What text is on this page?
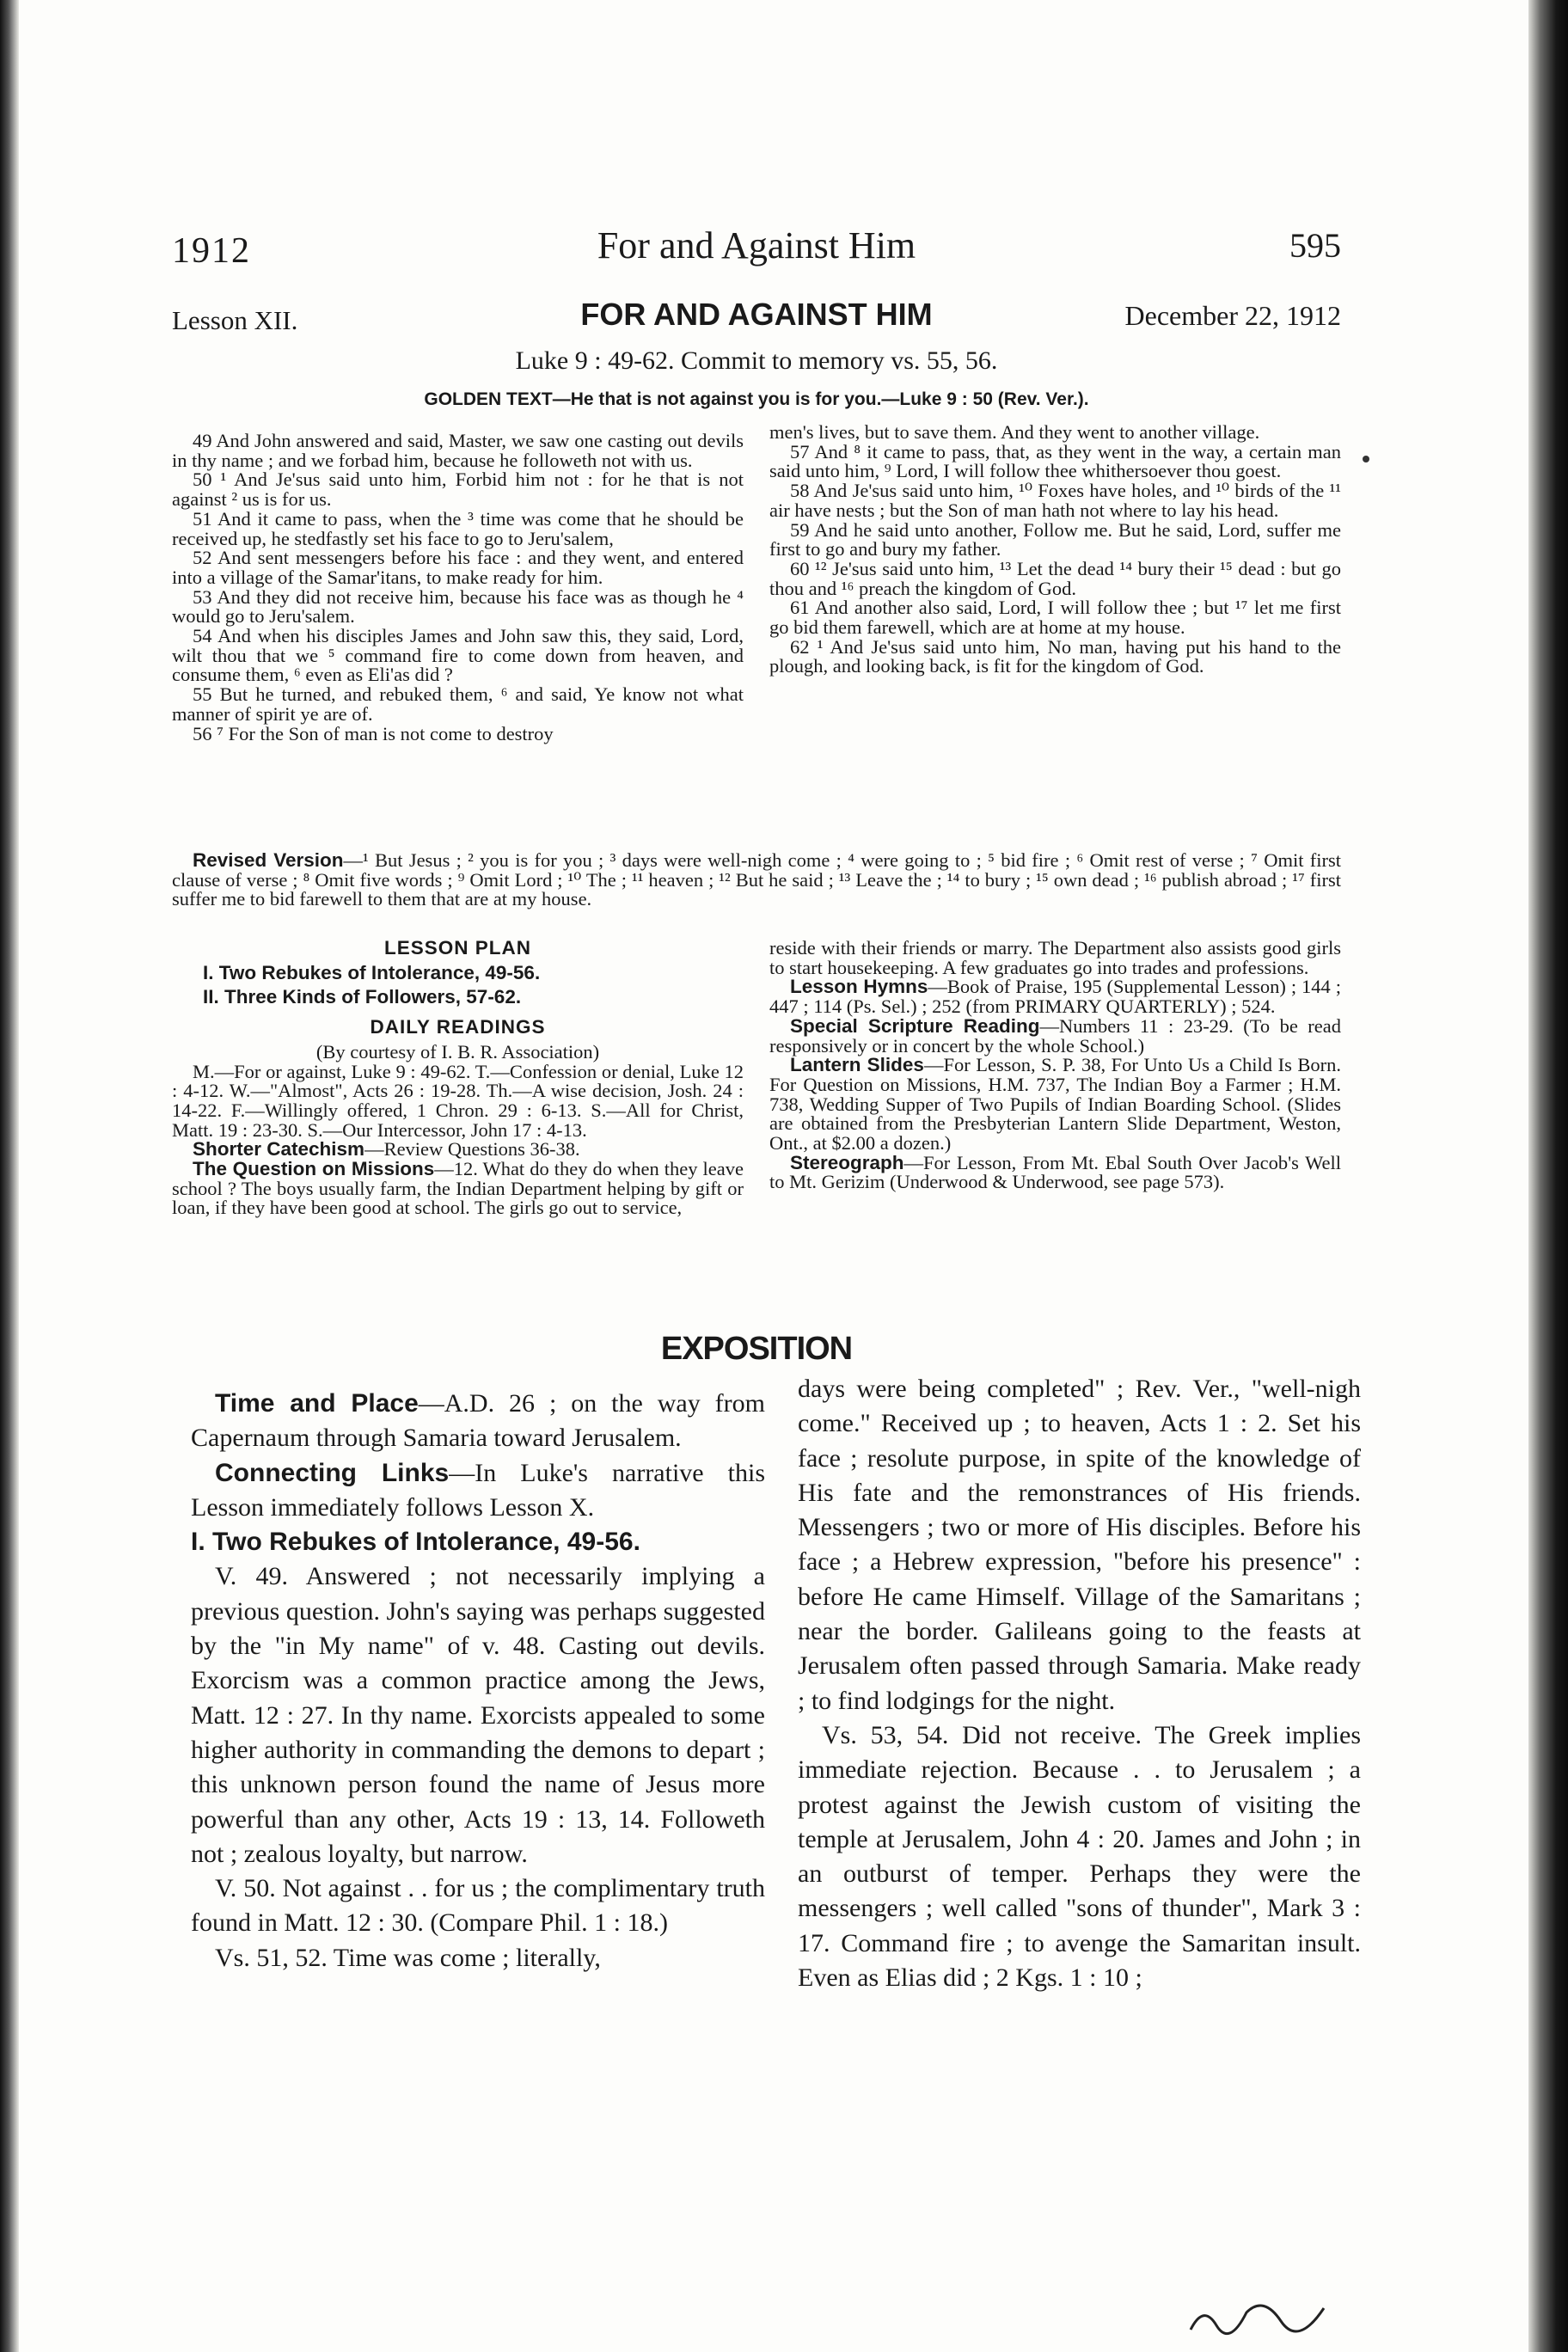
1912	For and Against Him	595
Lesson XII.	FOR AND AGAINST HIM	December 22, 1912
Luke 9 : 49-62. Commit to memory vs. 55, 56.
GOLDEN TEXT—He that is not against you is for you.—Luke 9 : 50 (Rev. Ver.).

49 And John answered and said, Master, we saw one casting out devils in thy name ; and we forbad him, because he followeth not with us.

50 ¹ And Je'sus said unto him, Forbid him not : for he that is not against ² us is for us.

51 And it came to pass, when the ³ time was come that he should be received up, he stedfastly set his face to go to Jeru'salem,

52 And sent messengers before his face : and they went, and entered into a village of the Samar'itans, to make ready for him.

53 And they did not receive him, because his face was as though he ⁴ would go to Jeru'salem.

54 And when his disciples James and John saw this, they said, Lord, wilt thou that we ⁵ command fire to come down from heaven, and consume them, ⁶ even as Eli'as did ?

55 But he turned, and rebuked them, ⁶ and said, Ye know not what manner of spirit ye are of.

56 ⁷ For the Son of man is not come to destroy

men's lives, but to save them. And they went to another village.

57 And ⁸ it came to pass, that, as they went in the way, a certain man said unto him, ⁹ Lord, I will follow thee whithersoever thou goest.

58 And Je'sus said unto him, ¹⁰ Foxes have holes, and ¹⁰ birds of the ¹¹ air have nests ; but the Son of man hath not where to lay his head.

59 And he said unto another, Follow me. But he said, Lord, suffer me first to go and bury my father.

60 ¹² Je'sus said unto him, ¹³ Let the dead ¹⁴ bury their ¹⁵ dead : but go thou and ¹⁶ preach the kingdom of God.

61 And another also said, Lord, I will follow thee ; but ¹⁷ let me first go bid them farewell, which are at home at my house.

62 ¹ And Je'sus said unto him, No man, having put his hand to the plough, and looking back, is fit for the kingdom of God.

Revised Version—¹ But Jesus ; ² you is for you ; ³ days were well-nigh come ; ⁴ were going to ; ⁵ bid fire ; ⁶ Omit rest of verse ; ⁷ Omit first clause of verse ; ⁸ Omit five words ; ⁹ Omit Lord ; ¹⁰ The ; ¹¹ heaven ; ¹² But he said ; ¹³ Leave the ; ¹⁴ to bury ; ¹⁵ own dead ; ¹⁶ publish abroad ; ¹⁷ first suffer me to bid farewell to them that are at my house.

LESSON PLAN

I. Two Rebukes of Intolerance, 49-56.

II. Three Kinds of Followers, 57-62.

DAILY READINGS

(By courtesy of I. B. R. Association)

M.—For or against, Luke 9 : 49-62. T.—Confession or denial, Luke 12 : 4-12. W.—"Almost", Acts 26 : 19-28. Th.—A wise decision, Josh. 24 : 14-22. F.—Willingly offered, 1 Chron. 29 : 6-13. S.—All for Christ, Matt. 19 : 23-30. S.—Our Intercessor, John 17 : 4-13.

Shorter Catechism—Review Questions 36-38.

The Question on Missions—12. What do they do when they leave school ? The boys usually farm, the Indian Department helping by gift or loan, if they have been good at school. The girls go out to service,

reside with their friends or marry. The Department also assists good girls to start housekeeping. A few graduates go into trades and professions.

Lesson Hymns—Book of Praise, 195 (Supplemental Lesson) ; 144 ; 447 ; 114 (Ps. Sel.) ; 252 (from PRIMARY QUARTERLY) ; 524.

Special Scripture Reading—Numbers 11 : 23-29. (To be read responsively or in concert by the whole School.)

Lantern Slides—For Lesson, S. P. 38, For Unto Us a Child Is Born. For Question on Missions, H.M. 737, The Indian Boy a Farmer ; H.M. 738, Wedding Supper of Two Pupils of Indian Boarding School. (Slides are obtained from the Presbyterian Lantern Slide Department, Weston, Ont., at $2.00 a dozen.)

Stereograph—For Lesson, From Mt. Ebal South Over Jacob's Well to Mt. Gerizim (Underwood & Underwood, see page 573).

EXPOSITION

Time and Place—A.D. 26 ; on the way from Capernaum through Samaria toward Jerusalem.

Connecting Links—In Luke's narrative this Lesson immediately follows Lesson X.

I. Two Rebukes of Intolerance, 49-56.

V. 49. Answered ; not necessarily implying a previous question. John's saying was perhaps suggested by the "in My name" of v. 48. Casting out devils. Exorcism was a common practice among the Jews, Matt. 12 : 27. In thy name. Exorcists appealed to some higher authority in commanding the demons to depart ; this unknown person found the name of Jesus more powerful than any other, Acts 19 : 13, 14. Followeth not ; zealous loyalty, but narrow.

V. 50. Not against . . for us ; the complimentary truth found in Matt. 12 : 30. (Compare Phil. 1 : 18.)

Vs. 51, 52. Time was come ; literally,

days were being completed" ; Rev. Ver., "well-nigh come." Received up ; to heaven, Acts 1 : 2. Set his face ; resolute purpose, in spite of the knowledge of His fate and the remonstrances of His friends. Messengers ; two or more of His disciples. Before his face ; a Hebrew expression, "before his presence" : before He came Himself. Village of the Samaritans ; near the border. Galileans going to the feasts at Jerusalem often passed through Samaria. Make ready ; to find lodgings for the night.

Vs. 53, 54. Did not receive. The Greek implies immediate rejection. Because . . to Jerusalem ; a protest against the Jewish custom of visiting the temple at Jerusalem, John 4 : 20. James and John ; in an outburst of temper. Perhaps they were the messengers ; well called "sons of thunder", Mark 3 : 17. Command fire ; to avenge the Samaritan insult. Even as Elias did ; 2 Kgs. 1 : 10 ;
